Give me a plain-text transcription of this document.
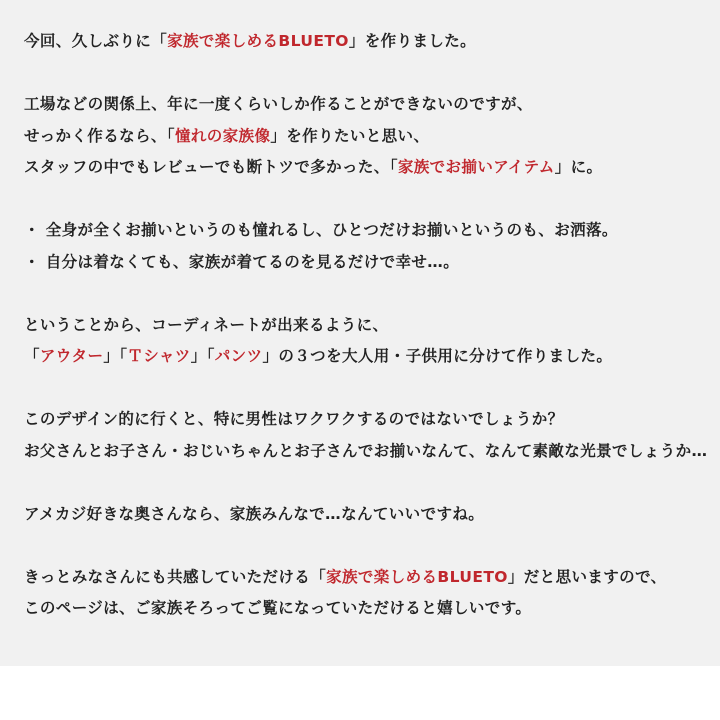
今回、久しぶりに「家族で楽しめるBLUETO」を作りました。
工場などの関係上、年に一度くらいしか作ることができないのですが、
せっかく作るなら、「憧れの家族像」を作りたいと思い、
スタッフの中でもレビューでも断トツで多かった、「家族でお揃いアイテム」に。
・ 全身が全くお揃いというのも憧れるし、ひとつだけお揃いというのも、お洒落。
・ 自分は着なくても、家族が着てるのを見るだけで幸せ…。
ということから、コーディネートが出来るように、
「アウター」「Ｔシャツ」「パンツ」の３つを大人用・子供用に分けて作りました。
このデザイン的に行くと、特に男性はワクワクするのではないでしょうか？
お父さんとお子さん・おじいちゃんとお子さんでお揃いなんて、なんて素敵な光景でしょうか…
アメカジ好きな奥さんなら、家族みんなで…なんていいですね。
きっとみなさんにも共感していただける「家族で楽しめるBLUETO」だと思いますので、
このページは、ご家族そろってご覧になっていただけると嬉しいです。
